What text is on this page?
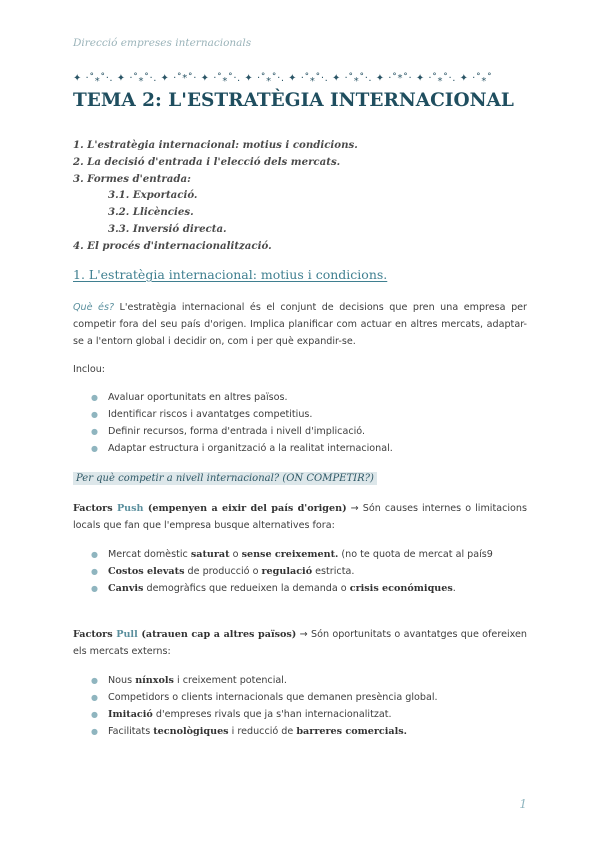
Direcció empreses internacionals
✦ ·˚⁎˚·. ✦ ·˚⁎˚·. ✦ ·˚*˚· ✦ ·˚⁎˚·. ✦ ·˚⁎˚·. ✦ ·˚⁎˚·. ✦ ·˚⁎˚·. ✦ ·˚*˚· ✦ ·˚⁎˚·. ✦ ·˚⁎˚
TEMA 2: L'ESTRATÈGIA INTERNACIONAL
1. L'estratègia internacional: motius i condicions.
2. La decisió d'entrada i l'elecció dels mercats.
3. Formes d'entrada:
3.1. Exportació.
3.2. Llicències.
3.3. Inversió directa.
4. El procés d'internacionalització.
1. L'estratègia internacional: motius i condicions.
Què és? L'estratègia internacional és el conjunt de decisions que pren una empresa per competir fora del seu país d'origen. Implica planificar com actuar en altres mercats, adaptar-se a l'entorn global i decidir on, com i per què expandir-se.
Inclou:
● Avaluar oportunitats en altres països.
● Identificar riscos i avantatges competitius.
● Definir recursos, forma d'entrada i nivell d'implicació.
● Adaptar estructura i organització a la realitat internacional.
Per què competir a nivell internacional? (ON COMPETIR?)
Factors Push (empenyen a eixir del país d'origen) → Són causes internes o limitacions locals que fan que l'empresa busque alternatives fora:
● Mercat domèstic saturat o sense creixement. (no te quota de mercat al país9
● Costos elevats de producció o regulació estricta.
● Canvis demogràfics que redueixen la demanda o crisis económiques.
Factors Pull (atrauen cap a altres països) → Són oportunitats o avantatges que ofereixen els mercats externs:
● Nous nínxols i creixement potencial.
● Competidors o clients internacionals que demanen presència global.
● Imitació d'empreses rivals que ja s'han internacionalitzat.
● Facilitats tecnològiques i reducció de barreres comercials.
1
